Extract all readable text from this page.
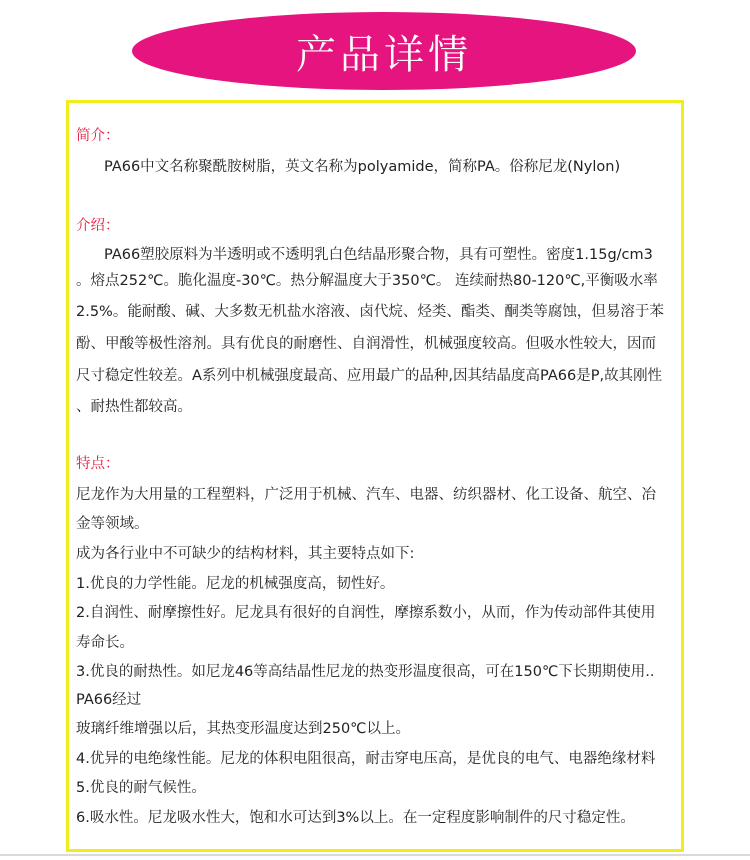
产品详情
简介：
PA66中文名称聚酰胺树脂，英文名称为polyamide，简称PA。俗称尼龙(Nylon)
介绍：
PA66塑胶原料为半透明或不透明乳白色结晶形聚合物，具有可塑性。密度1.15g/cm3
。熔点252℃。脆化温度-30℃。热分解温度大于350℃。 连续耐热80-120℃,平衡吸水率
2.5%。能耐酸、碱、大多数无机盐水溶液、卤代烷、烃类、酯类、酮类等腐蚀，但易溶于苯
酚、甲酸等极性溶剂。具有优良的耐磨性、自润滑性，机械强度较高。但吸水性较大，因而
尺寸稳定性较差。A系列中机械强度最高、应用最广的品种,因其结晶度高PA66是P,故其刚性
、耐热性都较高。
特点：
尼龙作为大用量的工程塑料，广泛用于机械、汽车、电器、纺织器材、化工设备、航空、冶
金等领域。
成为各行业中不可缺少的结构材料，其主要特点如下:
1.优良的力学性能。尼龙的机械强度高，韧性好。
2.自润性、耐摩擦性好。尼龙具有很好的自润性，摩擦系数小，从而，作为传动部件其使用
寿命长。
3.优良的耐热性。如尼龙46等高结晶性尼龙的热变形温度很高，可在150℃下长期期使用..
PA66经过
玻璃纤维增强以后，其热变形温度达到250℃以上。
4.优异的电绝缘性能。尼龙的体积电阻很高，耐击穿电压高，是优良的电气、电器绝缘材料
5.优良的耐气候性。
6.吸水性。尼龙吸水性大，饱和水可达到3%以上。在一定程度影响制件的尺寸稳定性。
